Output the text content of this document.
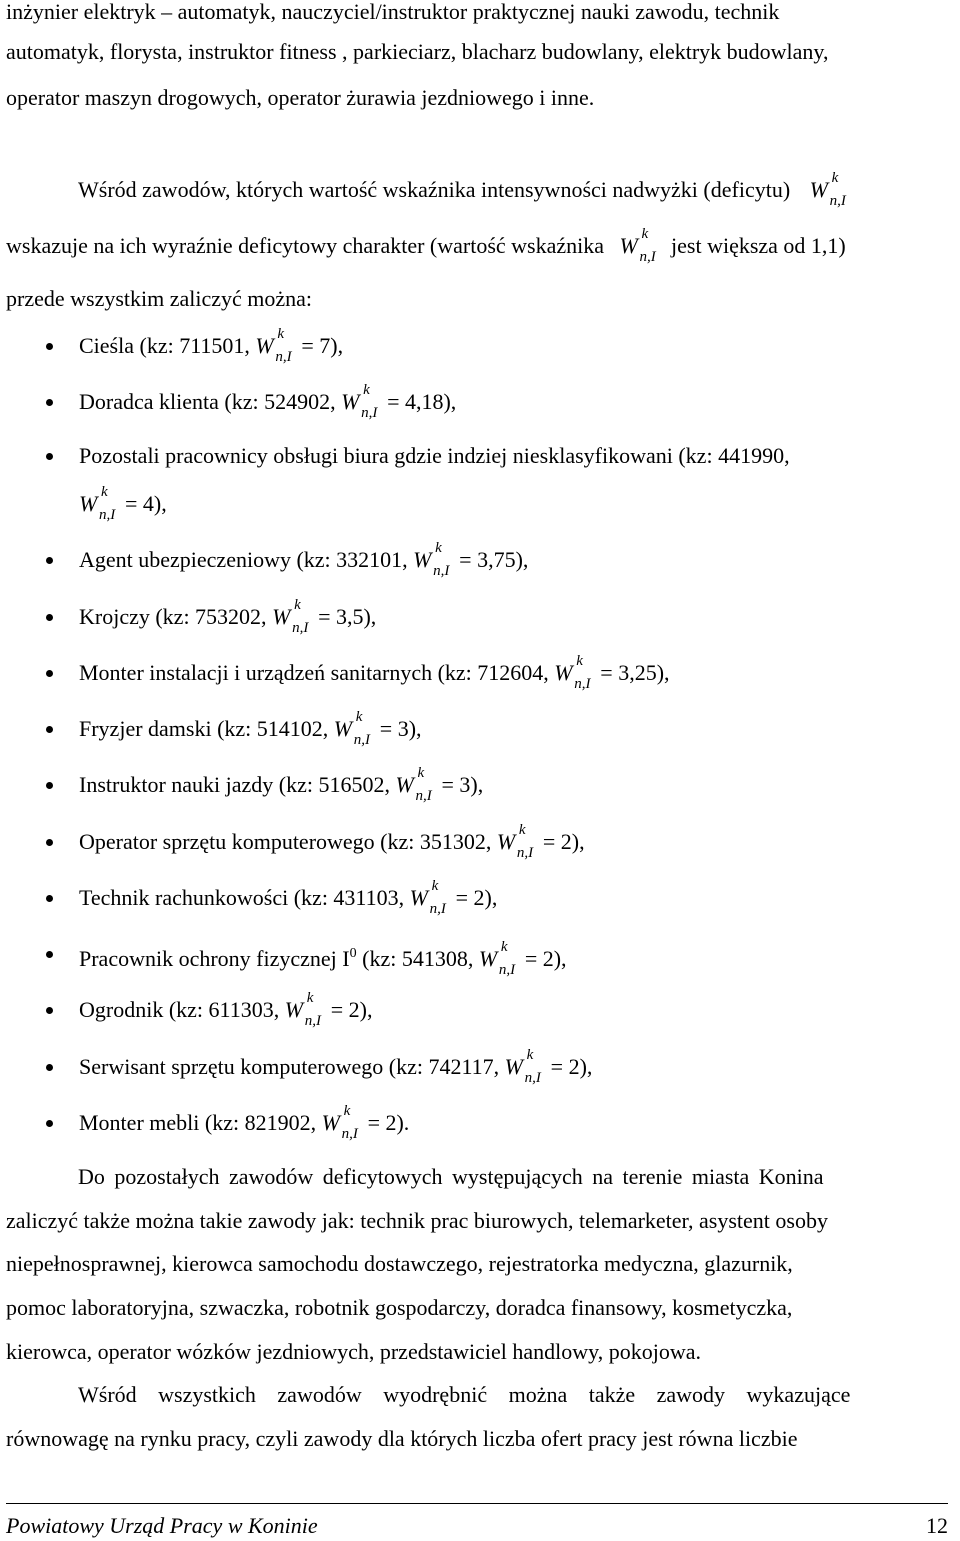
inżynier elektryk – automatyk, nauczyciel/instruktor praktycznej nauki zawodu, technik
automatyk, florysta, instruktor fitness , parkieciarz, blacharz budowlany, elektryk budowlany,
operator maszyn drogowych, operator żurawia jezdniowego i inne.
Wśród zawodów, których wartość wskaźnika intensywności nadwyżki (deficytu) W k
n,I
wskazuje na ich wyraźnie deficytowy charakter (wartość wskaźnika W k
n,I jest większa od 1,1)
przede wszystkim zaliczyć można:
Cieśla (kz: 711501, W k
n,I = 7),
Doradca klienta (kz: 524902, W k
n,I = 4,18),
Pozostali pracownicy obsługi biura gdzie indziej niesklasyfikowani (kz: 441990,
W k
n,I = 4),
Agent ubezpieczeniowy (kz: 332101, W k
n,I = 3,75),
Krojczy (kz: 753202, W k
n,I = 3,5),
Monter instalacji i urządzeń sanitarnych (kz: 712604, W k
n,I = 3,25),
Fryzjer damski (kz: 514102, W k
n,I = 3),
Instruktor nauki jazdy (kz: 516502, W k
n,I = 3),
Operator sprzętu komputerowego (kz: 351302, W k
n,I = 2),
Technik rachunkowości (kz: 431103, W k
n,I = 2),
Pracownik ochrony fizycznej $I^0$ (kz: 541308, W k
n,I = 2),
Ogrodnik (kz: 611303, W k
n,I = 2),
Serwisant sprzętu komputerowego (kz: 742117, W k
n,I = 2),
Monter mebli (kz: 821902, W k
n,I = 2).
Do pozostałych zawodów deficytowych występujących na terenie miasta Konina
zaliczyć także można takie zawody jak: technik prac biurowych, telemarketer, asystent osoby
niepełnosprawnej, kierowca samochodu dostawczego, rejestratorka medyczna, glazurnik,
pomoc laboratoryjna, szwaczka, robotnik gospodarczy, doradca finansowy, kosmetyczka,
kierowca, operator wózków jezdniowych, przedstawiciel handlowy, pokojowa.
Wśród wszystkich zawodów wyodrębnić można także zawody wykazujące
równowagę na rynku pracy, czyli zawody dla których liczba ofert pracy jest równa liczbie
Powiatowy Urząd Pracy w Koninie	12
